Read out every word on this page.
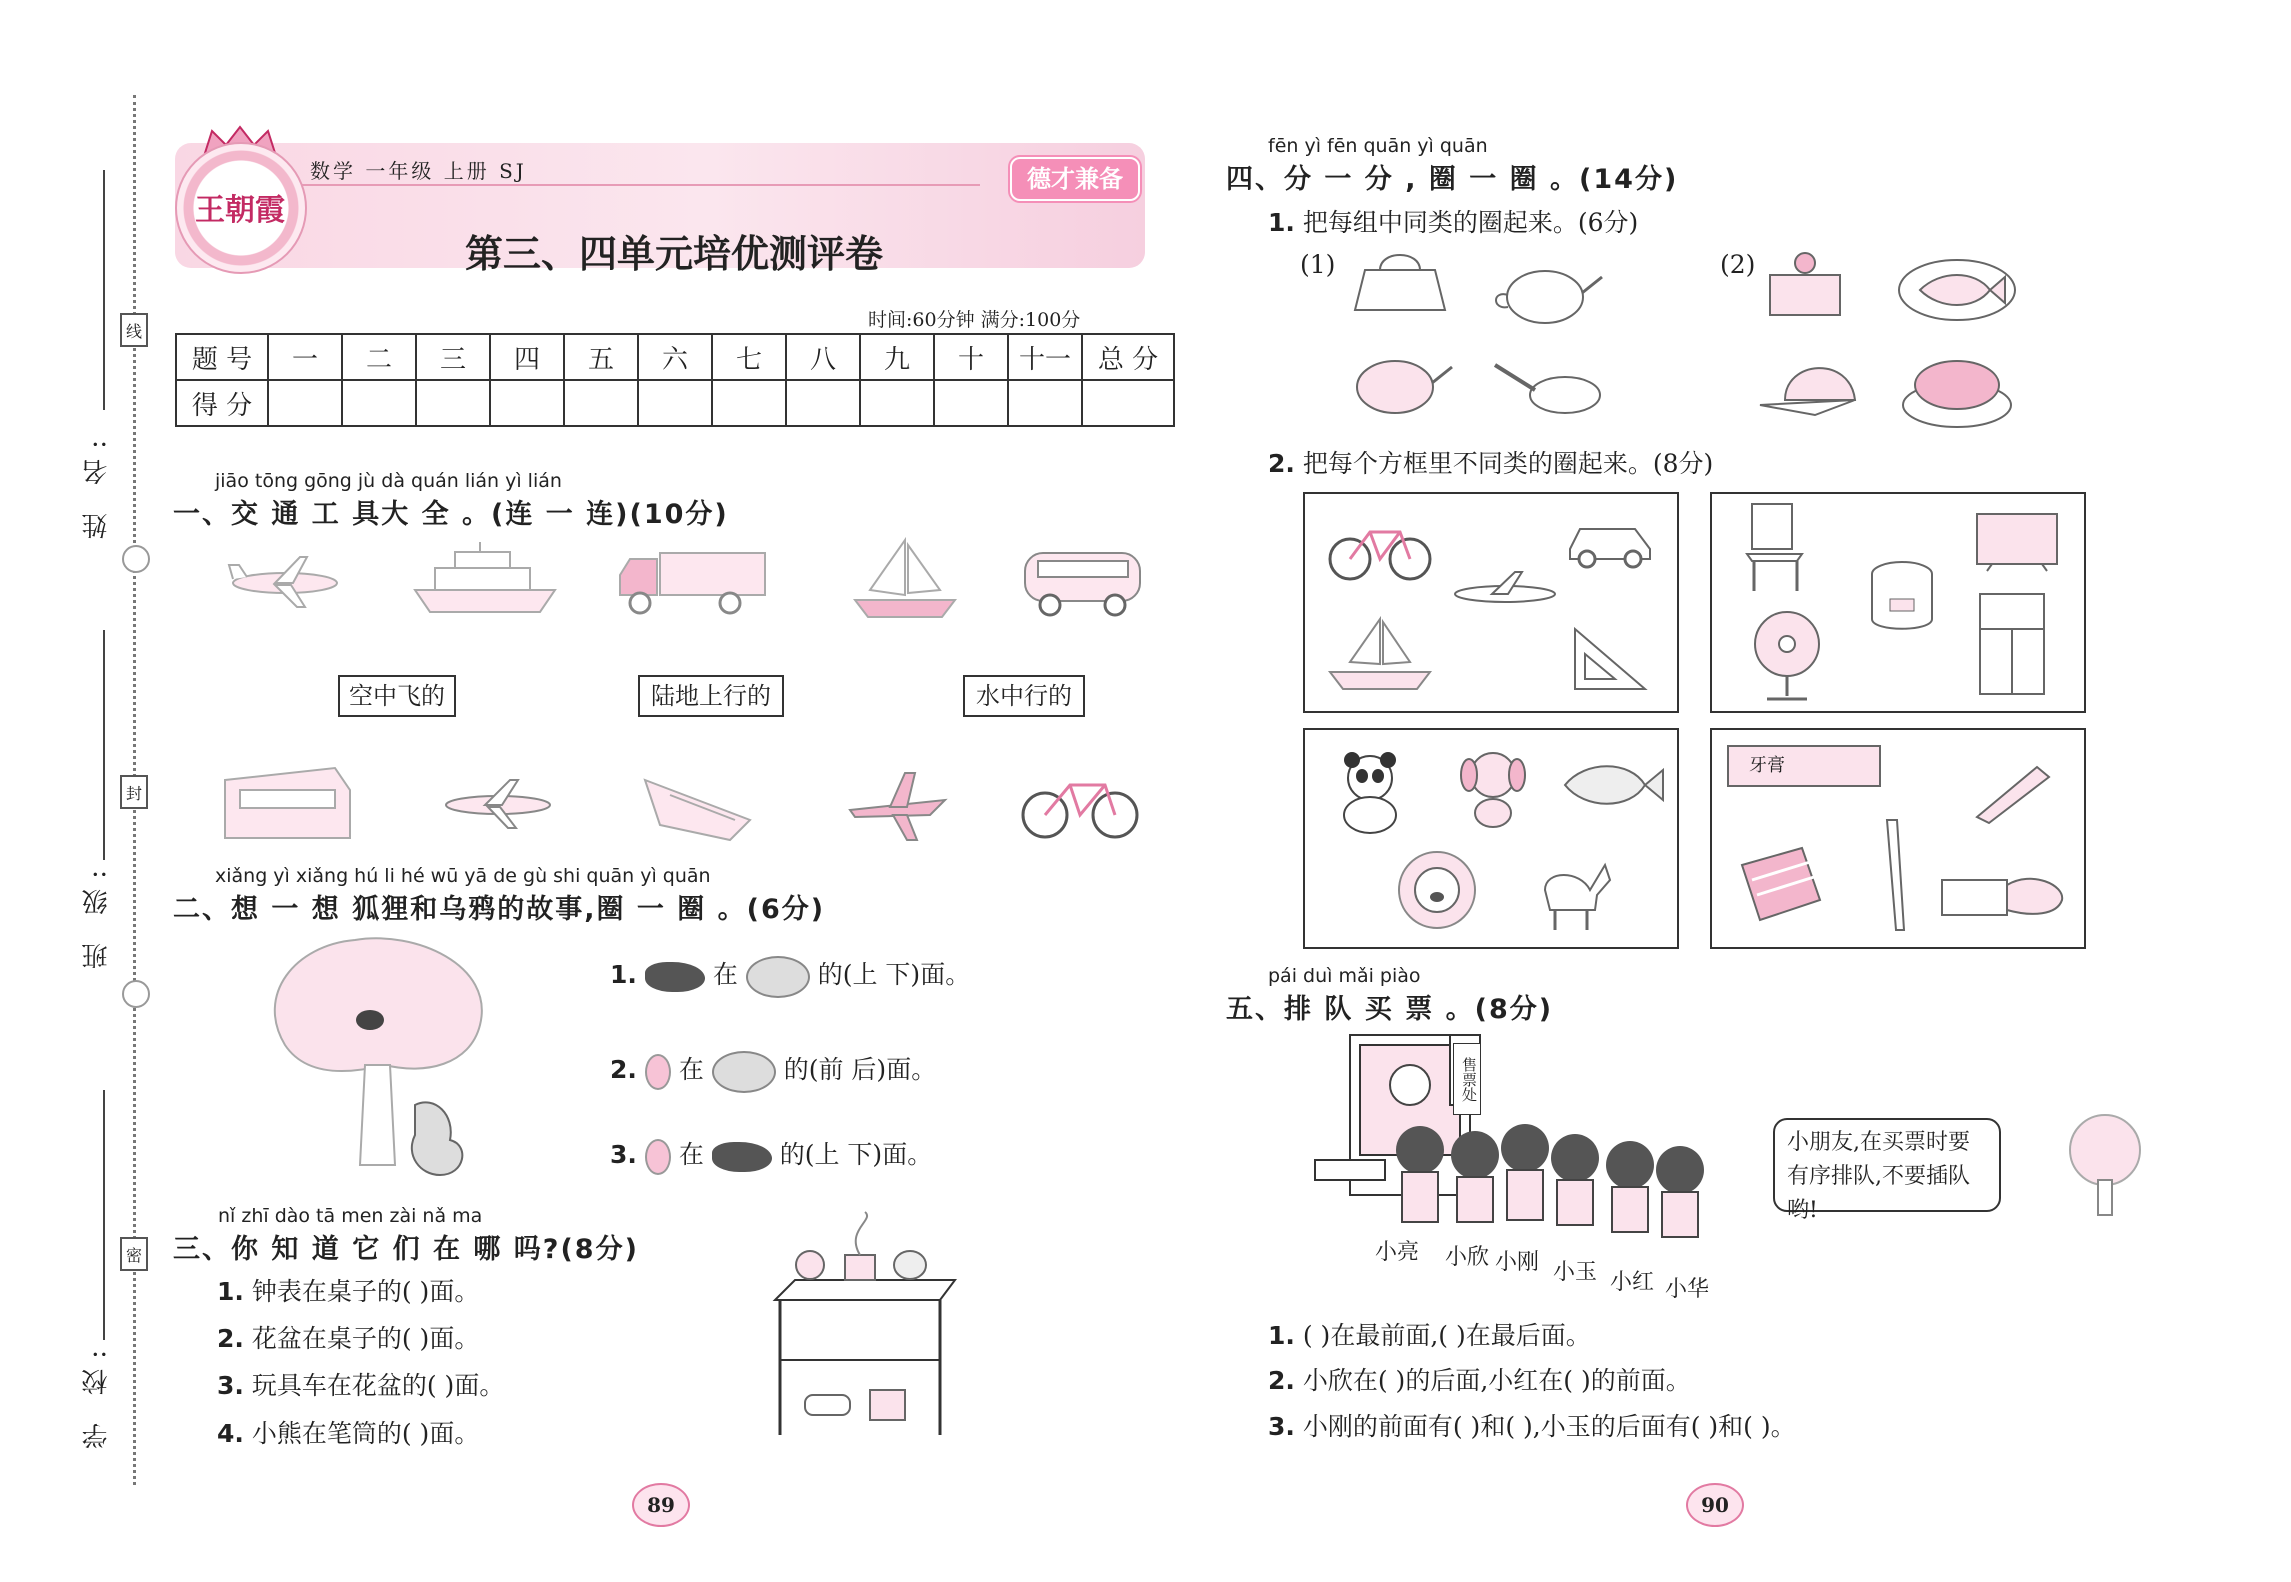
姓 名:
班 级:
学 校:
线
封
密
王朝霞
数学 一年级 上册 SJ	德才兼备
第三、四单元培优测评卷
时间:60分钟 满分:100分
题 号	一	二	三	四	五	六	七	八	九	十	十一	总 分
得 分												
jiāo tōng gōng jù dà quán lián yì lián
一、交 通 工 具大 全 。(连 一 连)(10分)
空中飞的	陆地上行的	水中行的
xiǎng yì xiǎng hú li hé wū yā de gù shi quān yì quān
二、想 一 想 狐狸和乌鸦的故事,圈 一 圈 。(6分)
1.	在	的(上 下)面。
2. 在	的(前 后)面。
3. 在	的(上 下)面。
nǐ zhī dào tā men zài nǎ ma
三、你 知 道 它 们 在 哪 吗?(8分)
1. 钟表在桌子的( )面。
2. 花盆在桌子的( )面。
3. 玩具车在花盆的( )面。
4. 小熊在笔筒的( )面。
fēn yì fēn quān yì quān
四、分 一 分 , 圈 一 圈 。(14分)
1. 把每组中同类的圈起来。(6分)
(1)	(2)
2. 把每个方框里不同类的圈起来。(8分)
牙膏
pái duì mǎi piào
五、排 队 买 票 。(8分)
售票处
小亮 小欣 小刚 小玉 小红 小华
小朋友,在买票时要有序排队,不要插队哟!
1. ( )在最前面,( )在最后面。
2. 小欣在( )的后面,小红在( )的前面。
3. 小刚的前面有( )和( ),小玉的后面有( )和( )。
89	90
